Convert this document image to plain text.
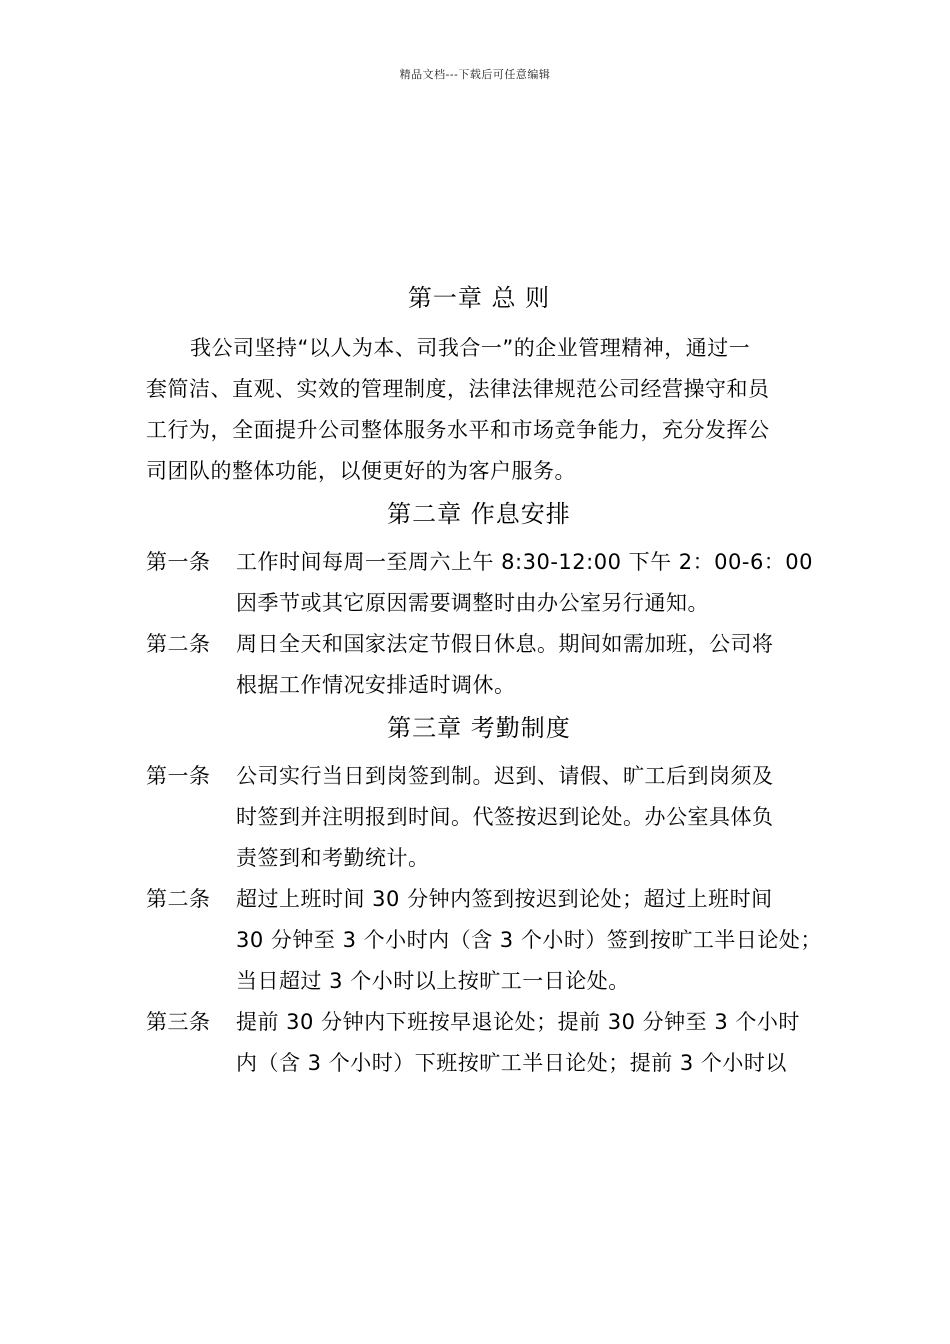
精品文档---下载后可任意编辑
第一章 总 则
我公司坚持“以人为本、司我合一”的企业管理精神，通过一
套简洁、直观、实效的管理制度，法律法律规范公司经营操守和员
工行为，全面提升公司整体服务水平和市场竞争能力，充分发挥公
司团队的整体功能，以便更好的为客户服务。
第二章 作息安排
第一条	工作时间每周一至周六上午 8:30-12:00 下午 2：00-6：00
因季节或其它原因需要调整时由办公室另行通知。
第二条	周日全天和国家法定节假日休息。期间如需加班，公司将
根据工作情况安排适时调休。
第三章 考勤制度
第一条	公司实行当日到岗签到制。迟到、请假、旷工后到岗须及
时签到并注明报到时间。代签按迟到论处。办公室具体负
责签到和考勤统计。
第二条	超过上班时间 30 分钟内签到按迟到论处；超过上班时间
30 分钟至 3 个小时内（含 3 个小时）签到按旷工半日论处；
当日超过 3 个小时以上按旷工一日论处。
第三条	提前 30 分钟内下班按早退论处；提前 30 分钟至 3 个小时
内（含 3 个小时）下班按旷工半日论处；提前 3 个小时以
